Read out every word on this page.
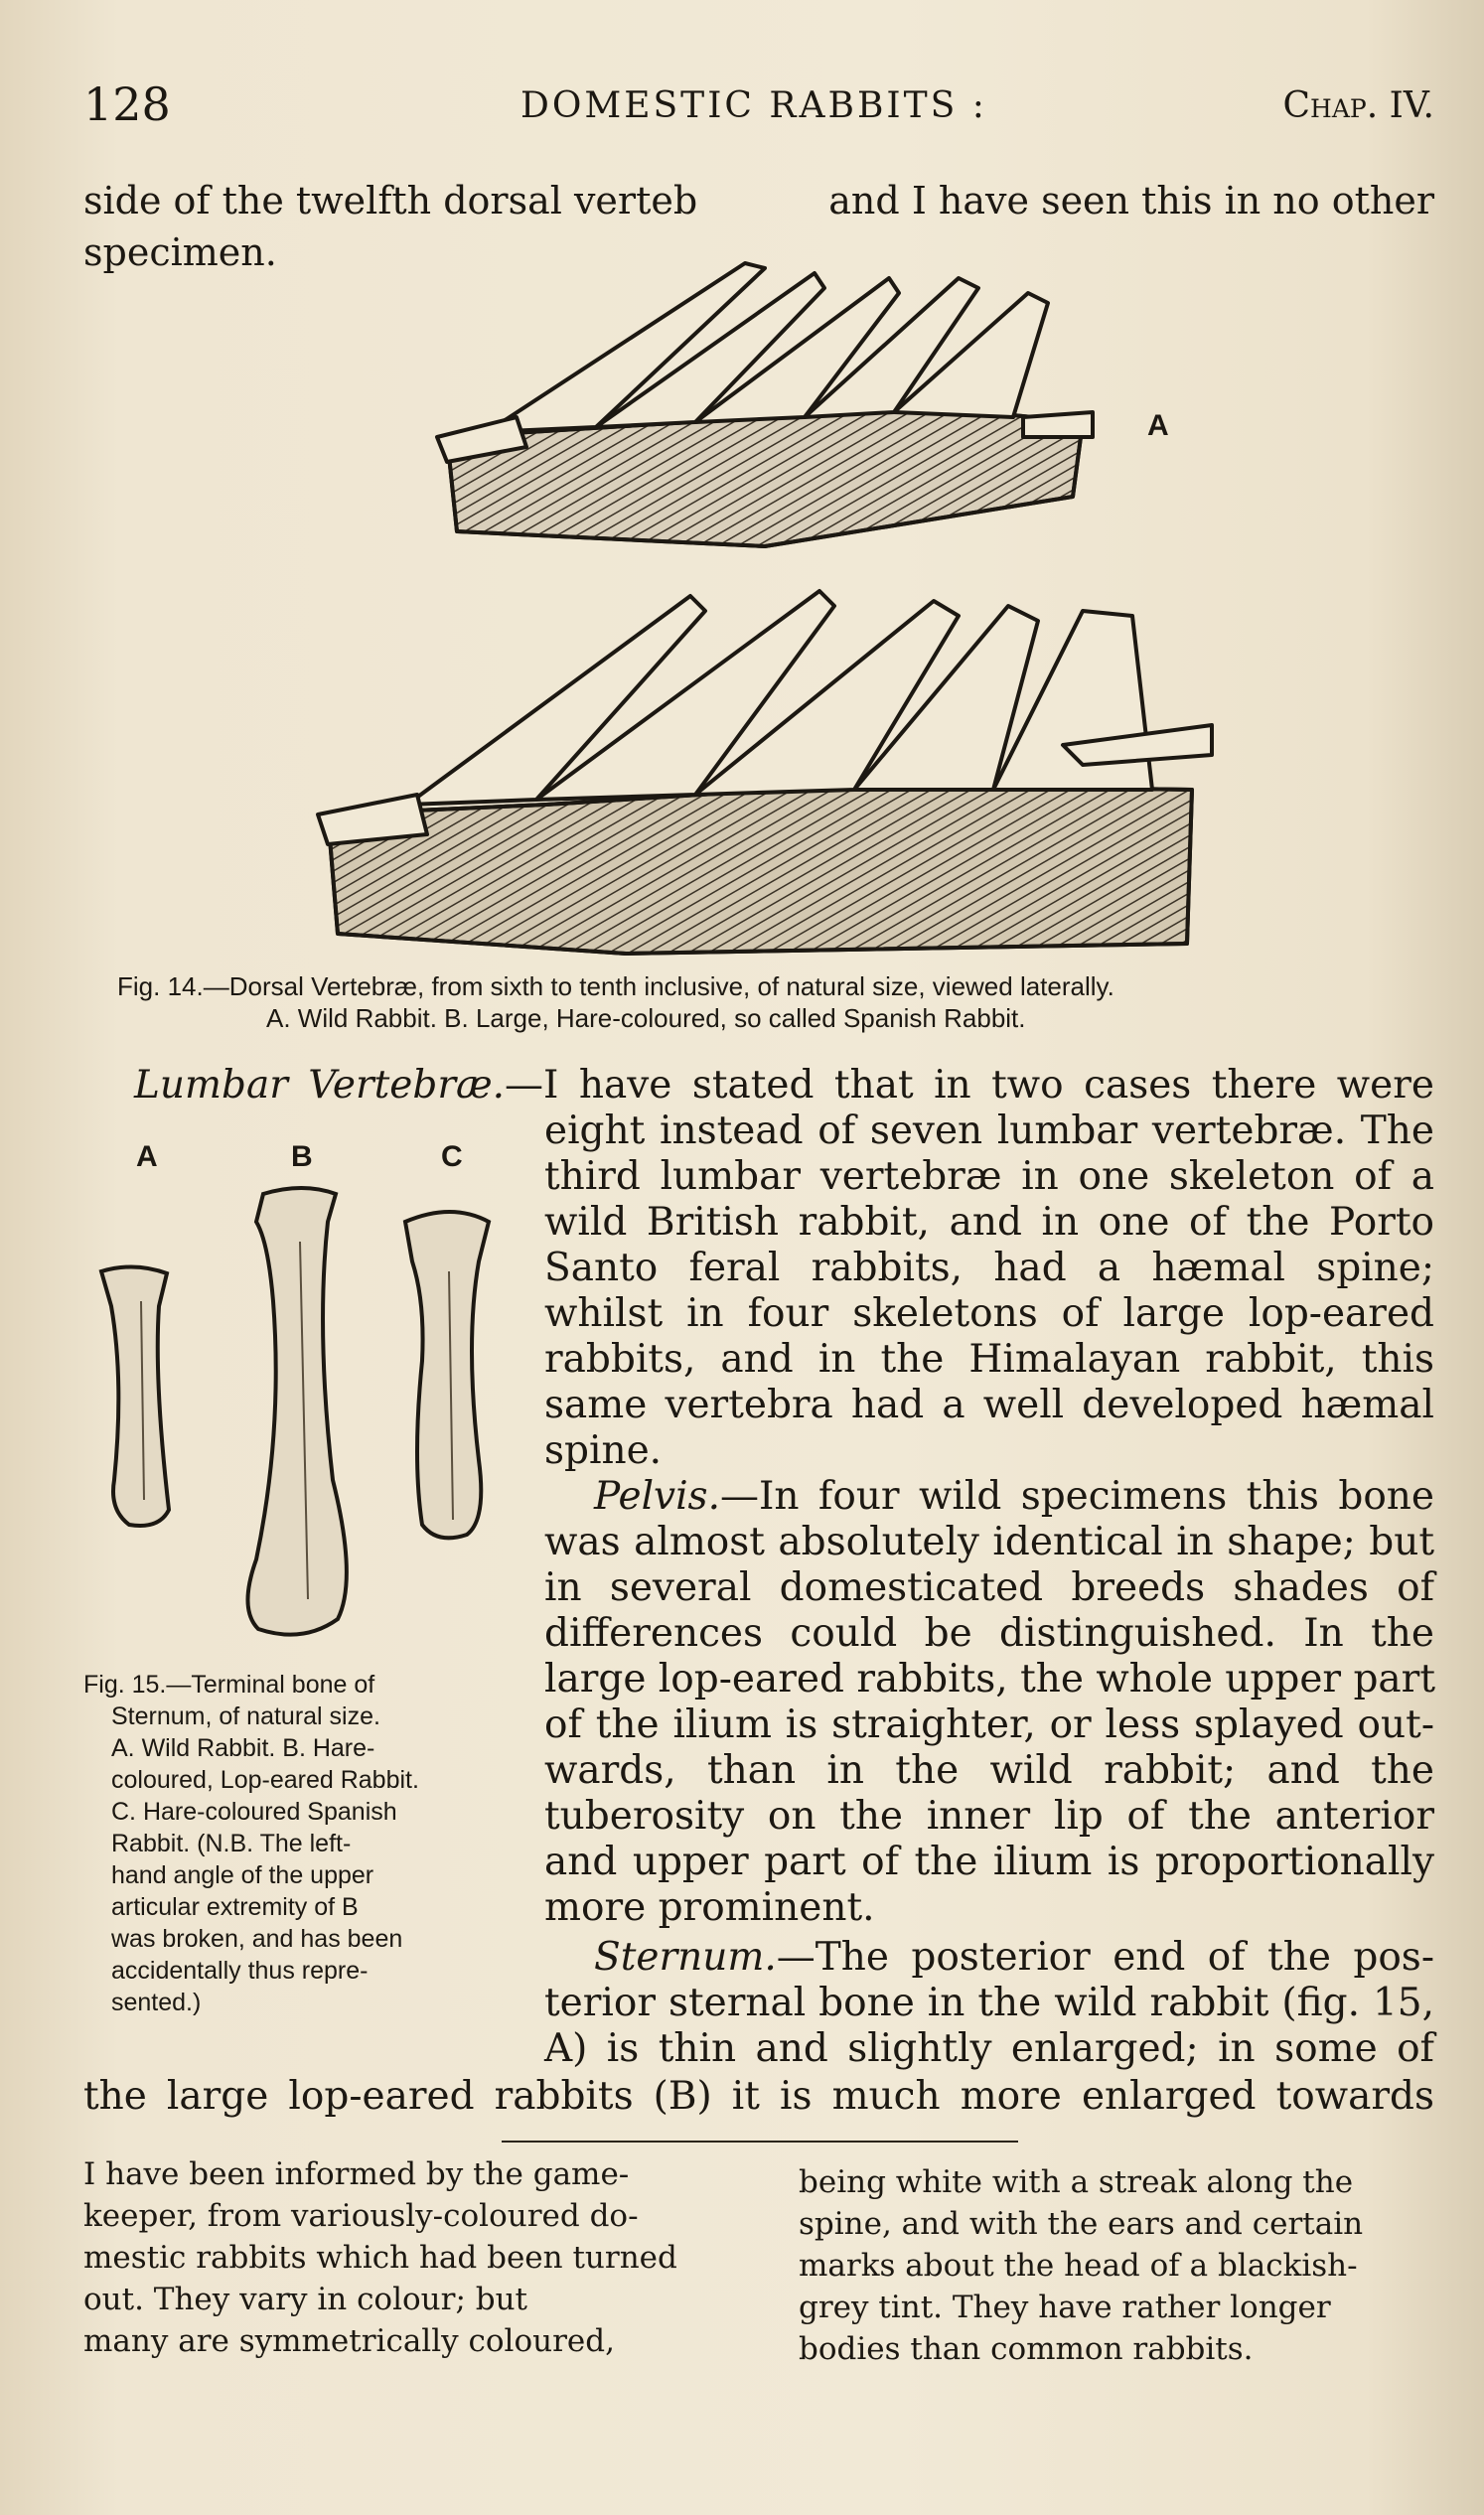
128	DOMESTIC RABBITS :	Chap. IV.
side of the twelfth dorsal verteb	and I have seen this in no other
specimen.
A
Fig. 14.—Dorsal Vertebræ, from sixth to tenth inclusive, of natural size, viewed laterally.
A. Wild Rabbit. B. Large, Hare-coloured, so called Spanish Rabbit.
Lumbar Vertebræ.—I have stated that in two cases there were
A	B	C
Fig. 15.—Terminal bone of
Sternum, of natural size.
A. Wild Rabbit. B. Hare-
coloured, Lop-eared Rabbit.
C. Hare-coloured Spanish
Rabbit. (N.B. The left-
hand angle of the upper
articular extremity of B
was broken, and has been
accidentally thus repre-
sented.)
eight instead of seven lumbar vertebræ. The
third lumbar vertebræ in one skeleton of a
wild British rabbit, and in one of the Porto
Santo feral rabbits, had a hæmal spine;
whilst in four skeletons of large lop-eared
rabbits, and in the Himalayan rabbit, this
same vertebra had a well developed hæmal
spine.
Pelvis.—In four wild specimens this bone
was almost absolutely identical in shape; but
in several domesticated breeds shades of
differences could be distinguished. In the
large lop-eared rabbits, the whole upper part
of the ilium is straighter, or less splayed out-
wards, than in the wild rabbit; and the
tuberosity on the inner lip of the anterior
and upper part of the ilium is proportionally
more prominent.
Sternum.—The posterior end of the pos-
terior sternal bone in the wild rabbit (fig. 15,
A) is thin and slightly enlarged; in some of
the large lop-eared rabbits (B) it is much more enlarged towards
I have been informed by the game-
keeper, from variously-coloured do-
mestic rabbits which had been turned
out. They vary in colour; but
many are symmetrically coloured,
being white with a streak along the
spine, and with the ears and certain
marks about the head of a blackish-
grey tint. They have rather longer
bodies than common rabbits.
